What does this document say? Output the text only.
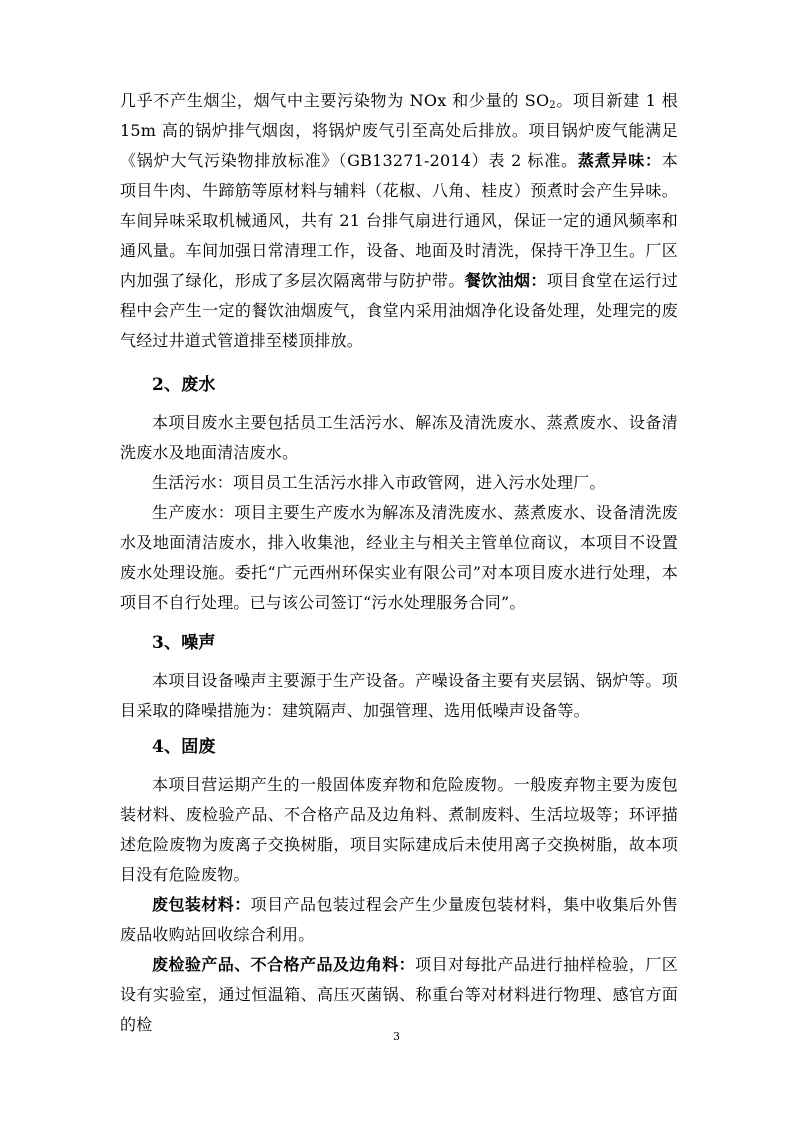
几乎不产生烟尘，烟气中主要污染物为 NOx 和少量的 $SO_2$。项目新建 1 根 15m 高的锅炉排气烟囱，将锅炉废气引至高处后排放。项目锅炉废气能满足《锅炉大气污染物排放标准》（GB13271-2014）表 2 标准。蒸煮异味：本项目牛肉、牛蹄筋等原材料与辅料（花椒、八角、桂皮）预煮时会产生异味。车间异味采取机械通风，共有 21 台排气扇进行通风，保证一定的通风频率和通风量。车间加强日常清理工作，设备、地面及时清洗，保持干净卫生。厂区内加强了绿化，形成了多层次隔离带与防护带。餐饮油烟：项目食堂在运行过程中会产生一定的餐饮油烟废气，食堂内采用油烟净化设备处理，处理完的废气经过井道式管道排至楼顶排放。

2、废水

本项目废水主要包括员工生活污水、解冻及清洗废水、蒸煮废水、设备清洗废水及地面清洁废水。

生活污水：项目员工生活污水排入市政管网，进入污水处理厂。

生产废水：项目主要生产废水为解冻及清洗废水、蒸煮废水、设备清洗废水及地面清洁废水，排入收集池，经业主与相关主管单位商议，本项目不设置废水处理设施。委托“广元西州环保实业有限公司”对本项目废水进行处理，本项目不自行处理。已与该公司签订“污水处理服务合同”。

3、噪声

本项目设备噪声主要源于生产设备。产噪设备主要有夹层锅、锅炉等。项目采取的降噪措施为：建筑隔声、加强管理、选用低噪声设备等。

4、固废

本项目营运期产生的一般固体废弃物和危险废物。一般废弃物主要为废包装材料、废检验产品、不合格产品及边角料、煮制废料、生活垃圾等；环评描述危险废物为废离子交换树脂，项目实际建成后未使用离子交换树脂，故本项目没有危险废物。

废包装材料：项目产品包装过程会产生少量废包装材料，集中收集后外售废品收购站回收综合利用。

废检验产品、不合格产品及边角料：项目对每批产品进行抽样检验，厂区设有实验室，通过恒温箱、高压灭菌锅、称重台等对材料进行物理、感官方面的检

3
